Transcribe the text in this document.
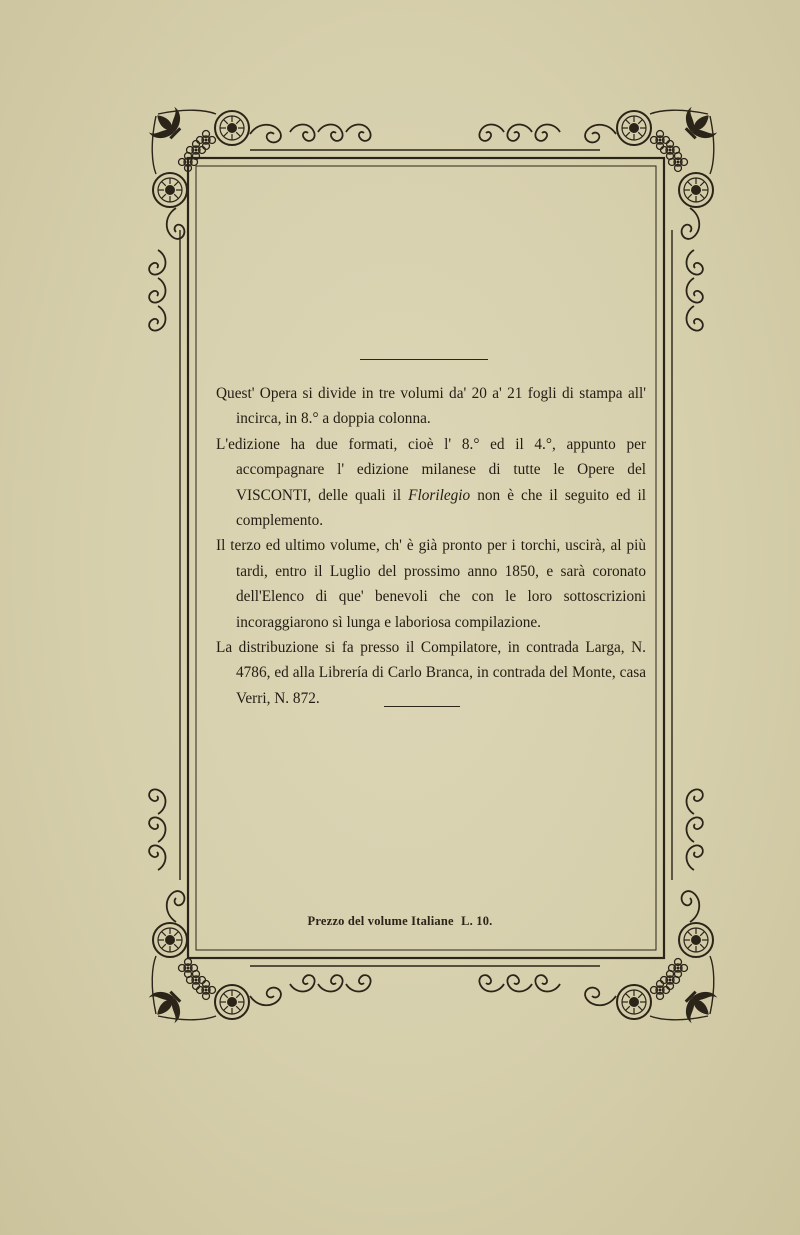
Quest' Opera si divide in tre volumi da' 20 a' 21 fogli di stampa all' incirca, in 8.° a doppia colonna.

L'edizione ha due formati, cioè l' 8.° ed il 4.°, appunto per accompagnare l' edizione milanese di tutte le Opere del VISCONTI, delle quali il Florilegio non è che il seguito ed il complemento.

Il terzo ed ultimo volume, ch' è già pronto per i torchi, uscirà, al più tardi, entro il Luglio del prossimo anno 1850, e sarà coronato dell'Elenco di que' benevoli che con le loro sottoscrizioni incoraggiarono sì lunga e laboriosa compilazione.

La distribuzione si fa presso il Compilatore, in contrada Larga, N. 4786, ed alla Librería di Carlo Branca, in contrada del Monte, casa Verri, N. 872.

Prezzo del volume Italiane L. 10.
